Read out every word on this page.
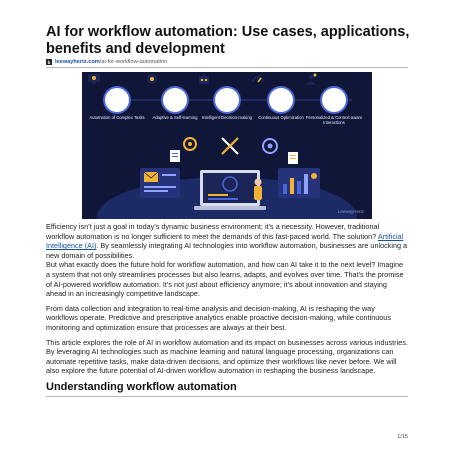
AI for workflow automation: Use cases, applications, benefits and development
b leewayhertz.com/ai-for-workflow-automation
Automation of Complex Tasks	Adaptive & Self-learning	Intelligent Decision-making	Continuous Optimization Personalized & Context-aware Interactions
LeewayHertz

Efficiency isn’t just a goal in today’s dynamic business environment; it’s a necessity. However, traditional workflow automation is no longer sufficient to meet the demands of this fast-paced world. The solution? Artificial Intelligence (AI). By seamlessly integrating AI technologies into workflow automation, businesses are unlocking a new domain of possibilities.
But what exactly does the future hold for workflow automation, and how can AI take it to the next level? Imagine a system that not only streamlines processes but also learns, adapts, and evolves over time. That’s the promise of AI-powered workflow automation. It’s not just about efficiency anymore; it’s about innovation and staying ahead in an increasingly competitive landscape.

From data collection and integration to real-time analysis and decision-making, AI is reshaping the way workflows operate. Predictive and prescriptive analytics enable proactive decision-making, while continuous monitoring and optimization ensure that processes are always at their best.

This article explores the role of AI in workflow automation and its impact on businesses across various industries. By leveraging AI technologies such as machine learning and natural language processing, organizations can automate repetitive tasks, make data-driven decisions, and optimize their workflows like never before. We will also explore the future potential of AI-driven workflow automation in reshaping the business landscape.

Understanding workflow automation
1/15
